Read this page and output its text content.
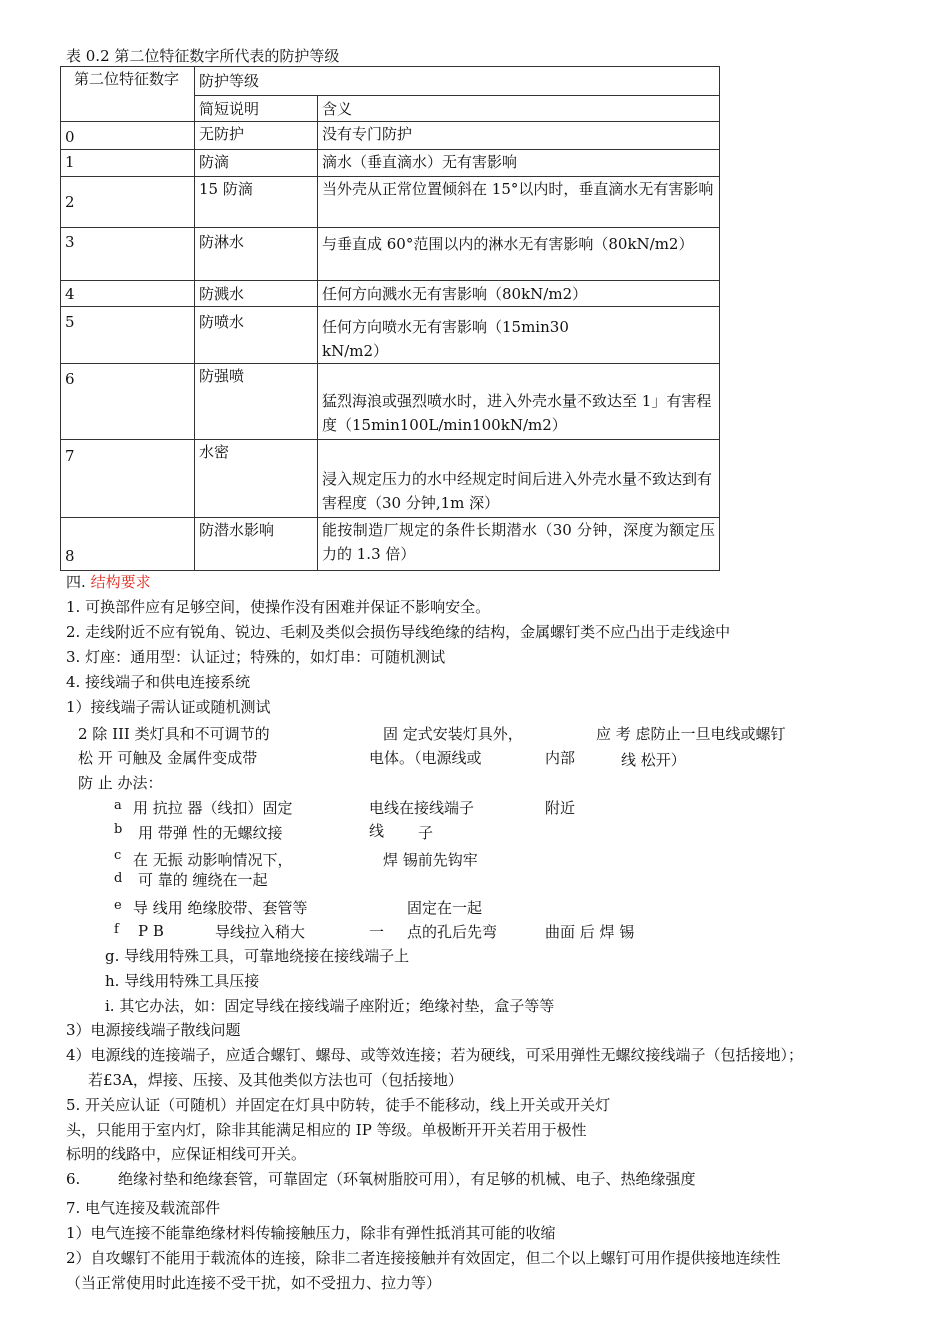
表 0.2 第二位特征数字所代表的防护等级
第二位特征数字	防护等级	
	简短说明	含义
0	无防护	没有专门防护
1	防滴	滴水（垂直滴水）无有害影响
2	15 防滴	当外壳从正常位置倾斜在 15°以内时，垂直滴水无有害影响
3	防淋水	与垂直成 60°范围以内的淋水无有害影响（80kN/m2）
4	防溅水	任何方向溅水无有害影响（80kN/m2）
5	防喷水	任何方向喷水无有害影响（15min30 kN/m2）
6	防强喷	猛烈海浪或强烈喷水时，进入外壳水量不致达至 1」有害程度（15min100L/min100kN/m2）
7	水密	浸入规定压力的水中经规定时间后进入外壳水量不致达到有害程度（30 分钟,1m 深）
8	防潜水影响	能按制造厂规定的条件长期潜水（30 分钟，深度为额定压力的 1.3 倍）
四. 结构要求
1. 可换部件应有足够空间，使操作没有困难并保证不影响安全。
2. 走线附近不应有锐角、锐边、毛刺及类似会损伤导线绝缘的结构，金属螺钉类不应凸出于走线途中
3. 灯座：通用型：认证过；特殊的，如灯串：可随机测试
4. 接线端子和供电连接系统
1）接线端子需认证或随机测试
2 除 III 类灯具和不可调节的	固 定式安装灯具外，	应 考 虑防止一旦电线或螺钉
松 开 可触及 金属件变成带	电体。（电源线或	内部	线 松开）
防 止 办法：
a 用 抗拉 器（线扣）固定	电线在接线端子	附近
b 用 带弹 性的无螺纹接	线 子
c 在 无振 动影响情况下，	焊 锡前先钩牢
d 可 靠的 缠绕在一起
e 导 线用 绝缘胶带、套管等	固定在一起
f P B	导线拉入稍大	一 点的孔后先弯	曲面 后 焊 锡
g. 导线用特殊工具，可靠地绕接在接线端子上
h. 导线用特殊工具压接
i. 其它办法，如：固定导线在接线端子座附近；绝缘衬垫，盒子等等
3）电源接线端子散线问题
4）电源线的连接端子，应适合螺钉、螺母、或等效连接；若为硬线，可采用弹性无螺纹接线端子（包括接地）；
若£3A，焊接、压接、及其他类似方法也可（包括接地）
5. 开关应认证（可随机）并固定在灯具中防转，徒手不能移动，线上开关或开关灯
头，只能用于室内灯，除非其能满足相应的 IP 等级。单极断开开关若用于极性
标明的线路中，应保证相线可开关。
6.	绝缘衬垫和绝缘套管，可靠固定（环氧树脂胶可用），有足够的机械、电子、热绝缘强度
7. 电气连接及载流部件
1）电气连接不能靠绝缘材料传输接触压力，除非有弹性抵消其可能的收缩
2）自攻螺钉不能用于载流体的连接，除非二者连接接触并有效固定，但二个以上螺钉可用作提供接地连续性
（当正常使用时此连接不受干扰，如不受扭力、拉力等）
